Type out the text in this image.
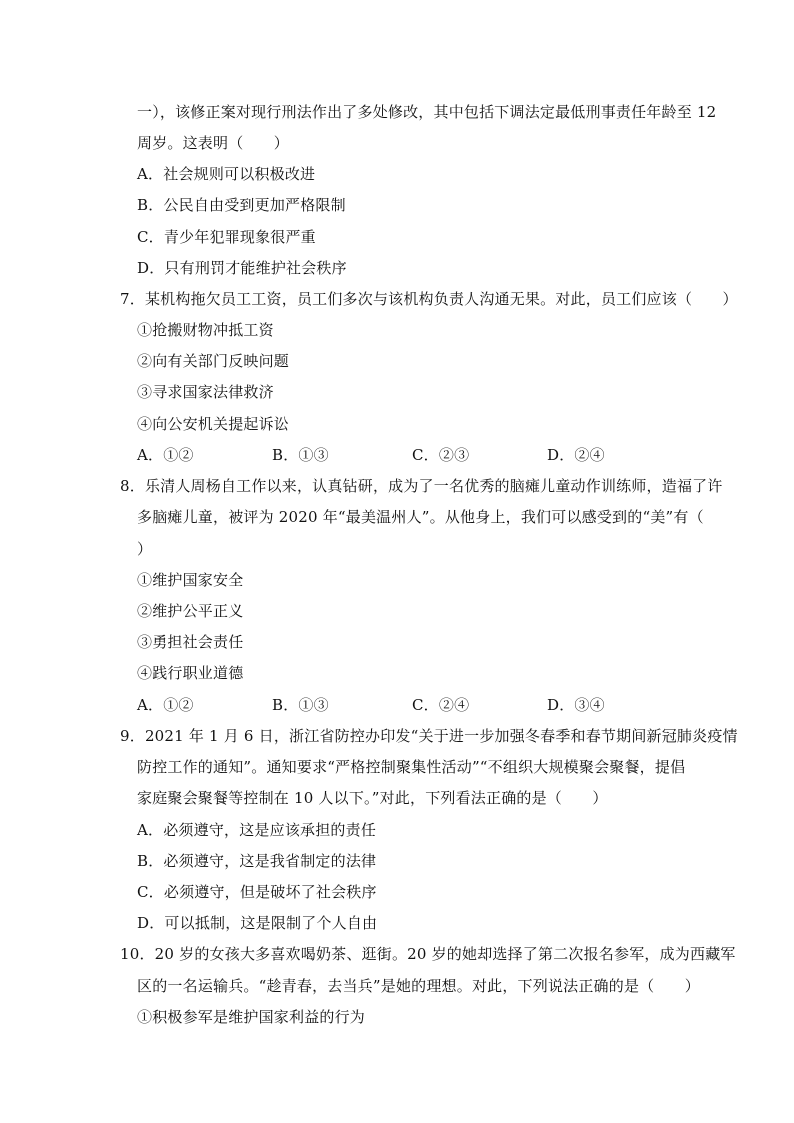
一），该修正案对现行刑法作出了多处修改，其中包括下调法定最低刑事责任年龄至 12
周岁。这表明（　　）
A．社会规则可以积极改进
B．公民自由受到更加严格限制
C．青少年犯罪现象很严重
D．只有刑罚才能维护社会秩序
7．某机构拖欠员工工资，员工们多次与该机构负责人沟通无果。对此，员工们应该（　　）
①抢搬财物冲抵工资
②向有关部门反映问题
③寻求国家法律救济
④向公安机关提起诉讼
A．①②	B．①③	C．②③	D．②④
8．乐清人周杨自工作以来，认真钻研，成为了一名优秀的脑瘫儿童动作训练师，造福了许
多脑瘫儿童，被评为 2020 年“最美温州人”。从他身上，我们可以感受到的“美”有（
）
①维护国家安全
②维护公平正义
③勇担社会责任
④践行职业道德
A．①②	B．①③	C．②④	D．③④
9．2021 年 1 月 6 日，浙江省防控办印发“关于进一步加强冬春季和春节期间新冠肺炎疫情
防控工作的通知”。通知要求“严格控制聚集性活动”“不组织大规模聚会聚餐，提倡
家庭聚会聚餐等控制在 10 人以下。”对此，下列看法正确的是（　　）
A．必须遵守，这是应该承担的责任
B．必须遵守，这是我省制定的法律
C．必须遵守，但是破坏了社会秩序
D．可以抵制，这是限制了个人自由
10．20 岁的女孩大多喜欢喝奶茶、逛街。20 岁的她却选择了第二次报名参军，成为西藏军
区的一名运输兵。“趁青春，去当兵”是她的理想。对此，下列说法正确的是（　　）
①积极参军是维护国家利益的行为
